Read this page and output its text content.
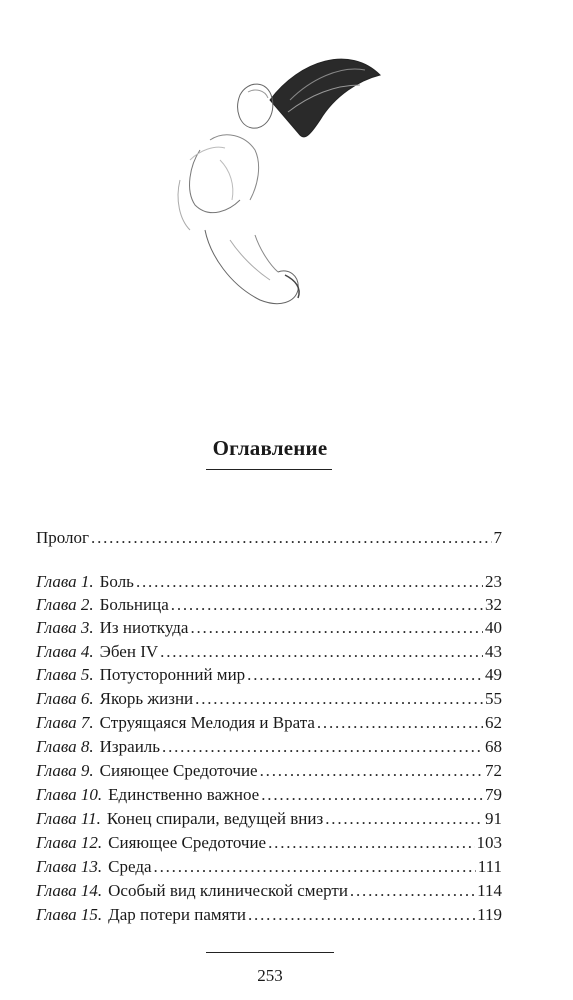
Оглавление
Пролог .....	7
Глава 1. Боль .....	23
Глава 2. Больница .....	32
Глава 3. Из ниоткуда .....	40
Глава 4. Эбен IV .....	43
Глава 5. Потусторонний мир .....	49
Глава 6. Якорь жизни .....	55
Глава 7. Струящаяся Мелодия и Врата .....	62
Глава 8. Израиль .....	68
Глава 9. Сияющее Средоточие .....	72
Глава 10. Единственно важное .....	79
Глава 11. Конец спирали, ведущей вниз .....	91
Глава 12. Сияющее Средоточие .....	103
Глава 13. Среда .....	111
Глава 14. Особый вид клинической смерти .....	114
Глава 15. Дар потери памяти .....	119
253
